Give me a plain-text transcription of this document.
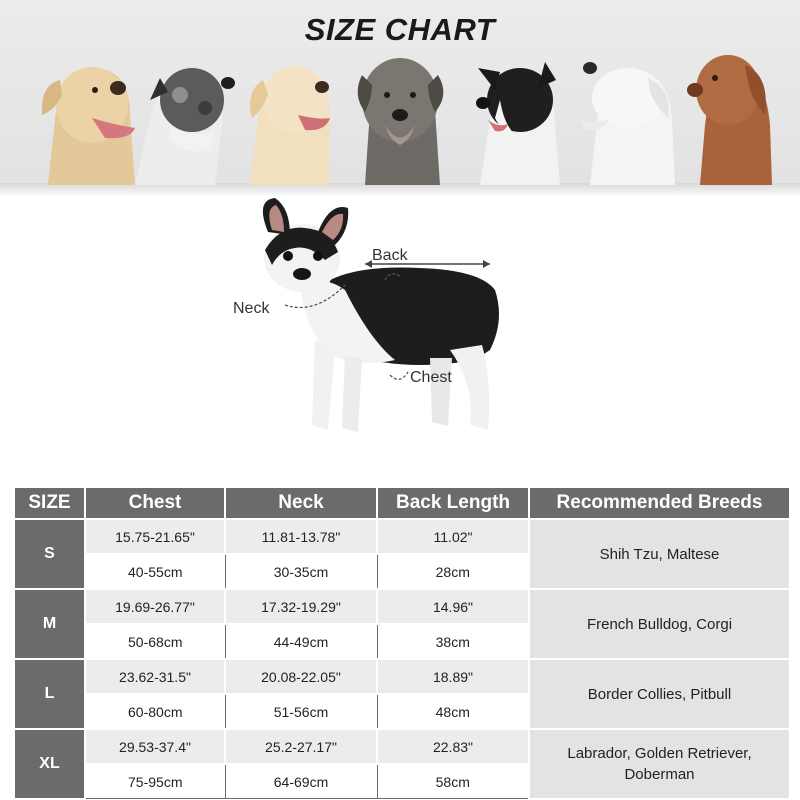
SIZE CHART
Back
Neck
Chest
SIZE	Chest	Neck	Back Length	Recommended Breeds
S	15.75-21.65"	11.81-13.78"	11.02"	Shih Tzu, Maltese
	40-55cm	30-35cm	28cm	
M	19.69-26.77"	17.32-19.29"	14.96"	French Bulldog, Corgi
	50-68cm	44-49cm	38cm	
L	23.62-31.5"	20.08-22.05"	18.89"	Border Collies, Pitbull
	60-80cm	51-56cm	48cm	
XL	29.53-37.4"	25.2-27.17"	22.83"	Labrador, Golden Retriever, Doberman
	75-95cm	64-69cm	58cm	
